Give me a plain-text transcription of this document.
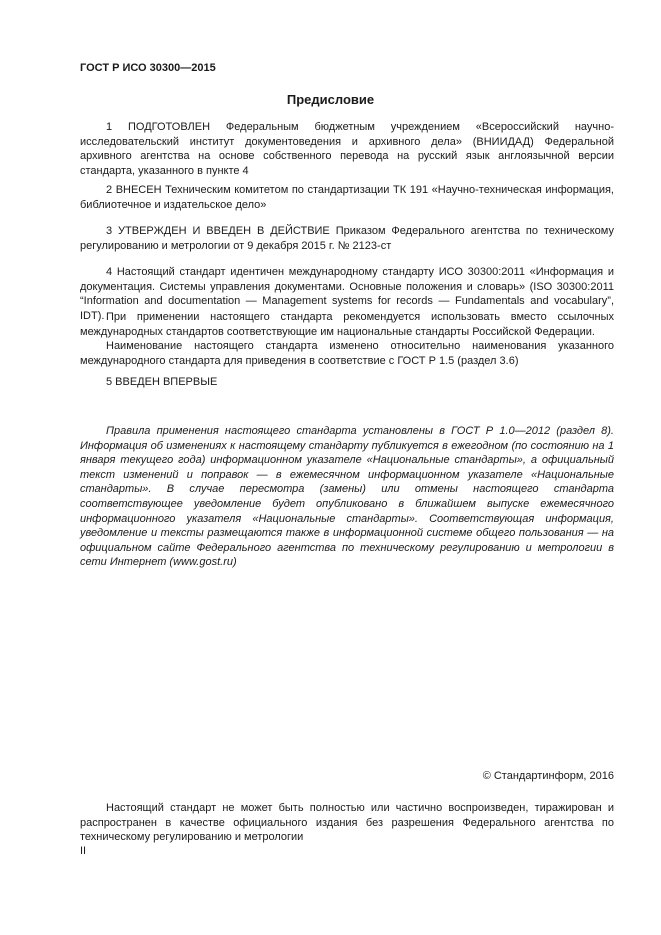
ГОСТ Р ИСО 30300—2015
Предисловие

1 ПОДГОТОВЛЕН Федеральным бюджетным учреждением «Всероссийский научно-исследовательский институт документоведения и архивного дела» (ВНИИДАД) Федеральной архивного агентства на основе собственного перевода на русский язык англоязычной версии стандарта, указанного в пункте 4

2 ВНЕСЕН Техническим комитетом по стандартизации ТК 191 «Научно-техническая информация, библиотечное и издательское дело»

3 УТВЕРЖДЕН И ВВЕДЕН В ДЕЙСТВИЕ Приказом Федерального агентства по техническому регулированию и метрологии от 9 декабря 2015 г. № 2123-ст

4 Настоящий стандарт идентичен международному стандарту ИСО 30300:2011 «Информация и документация. Системы управления документами. Основные положения и словарь» (ISO 30300:2011 “Information and documentation — Management systems for records — Fundamentals and vocabulary”, IDT). При применении настоящего стандарта рекомендуется использовать вместо ссылочных международных стандартов соответствующие им национальные стандарты Российской Федерации.

Наименование настоящего стандарта изменено относительно наименования указанного международного стандарта для приведения в соответствие с ГОСТ Р 1.5 (раздел 3.6)

5 ВВЕДЕН ВПЕРВЫЕ

Правила применения настоящего стандарта установлены в ГОСТ Р 1.0—2012 (раздел 8). Информация об изменениях к настоящему стандарту публикуется в ежегодном (по состоянию на 1 января текущего года) информационном указателе «Национальные стандарты», а официальный текст изменений и поправок — в ежемесячном информационном указателе «Национальные стандарты». В случае пересмотра (замены) или отмены настоящего стандарта соответствующее уведомление будет опубликовано в ближайшем выпуске ежемесячного информационного указателя «Национальные стандарты». Соответствующая информация, уведомление и тексты размещаются также в информационной системе общего пользования — на официальном сайте Федерального агентства по техническому регулированию и метрологии в сети Интернет (www.gost.ru)

© Стандартинформ, 2016

Настоящий стандарт не может быть полностью или частично воспроизведен, тиражирован и распространен в качестве официального издания без разрешения Федерального агентства по техническому регулированию и метрологии

II
